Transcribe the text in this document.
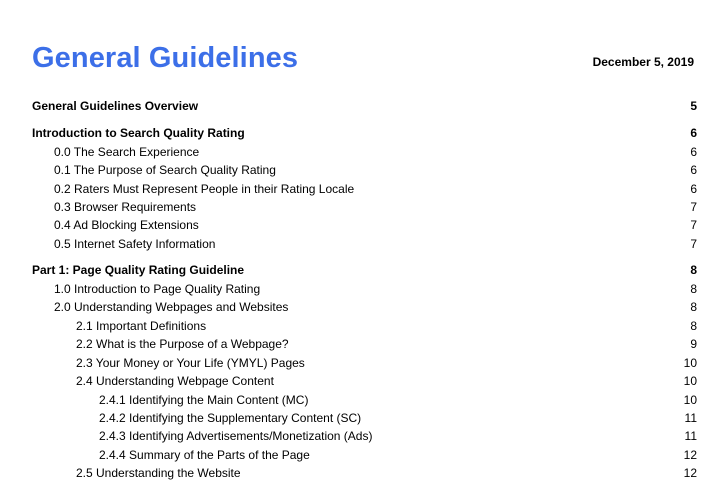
General Guidelines	December 5, 2019
General Guidelines Overview	5
Introduction to Search Quality Rating	6
0.0 The Search Experience	6
0.1 The Purpose of Search Quality Rating	6
0.2 Raters Must Represent People in their Rating Locale	6
0.3 Browser Requirements	7
0.4 Ad Blocking Extensions	7
0.5 Internet Safety Information	7
Part 1: Page Quality Rating Guideline	8
1.0 Introduction to Page Quality Rating	8
2.0 Understanding Webpages and Websites	8
2.1 Important Definitions	8
2.2 What is the Purpose of a Webpage?	9
2.3 Your Money or Your Life (YMYL) Pages	10
2.4 Understanding Webpage Content	10
2.4.1 Identifying the Main Content (MC)	10
2.4.2 Identifying the Supplementary Content (SC)	11
2.4.3 Identifying Advertisements/Monetization (Ads)	11
2.4.4 Summary of the Parts of the Page	12
2.5 Understanding the Website	12
